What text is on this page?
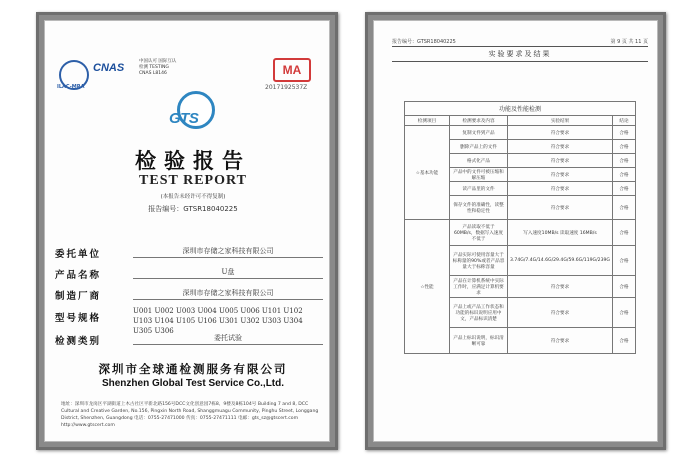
ILAC-MRA
CNAS
中国认可 国际互认 检测 TESTING CNAS L8146	MA
2017192537Z
GTS
检验报告
TEST REPORT
(本报告未经许可不得复制)
报告编号：GTSR18040225
委托单位	深圳市存储之家科技有限公司
产品名称	U盘
制造厂商	深圳市存储之家科技有限公司
型号规格
U001 U002 U003 U004 U005 U006 U101 U102 U103 U104 U105 U106 U301 U302 U303 U304 U305 U306
检测类别	委托试验
深圳市全球通检测服务有限公司
Shenzhen Global Test Service Co.,Ltd.
地址：深圳市龙岗区平湖街道上木古社区平新北路156号DCC文化创意园7栋8、9楼及8栋104号 Building 7 and 8, DCC Cultural and Creative Garden, No.156, Pingxin North Road, Shanggmuagu Community, Pinghu Street, Longgang District, Shenzhen, Guangdong 电话：0755-27471000 传真：0755-27471111 电邮：gts_sz@gtscert.com http://www.gtscert.com
报告编号：GTSR18040225	第 9 页 共 11 页
实验要求及结果
功能及性能检测			
检测项目	检测要求及内容	实验结果	结论
☆基本功能	复制文件到产品	符合要求	合格
	删除产品上的文件	符合要求	合格
	格式化产品	符合要求	合格
	产品中的文件可被压缩和解压缩	符合要求	合格
	读产品里的文件	符合要求	合格
	保存文件的准确性，读整性和稳定性	符合要求	合格
☆性能	产品读取不低于60MB/s，数据写入速度不低于	写入速度10MB/s 读取速度 16MB/s	合格
	产品实际可使用容量大于标称量的90%或者产品容量大于标称容量	3.74G/7.4G/14.6G/29.4G/59.6G/119G/239G	合格
	产品在计算机系统中实际工作时，应满足计算机要求	符合要求	合格
	产品上或产品工作状态和功能的标识说明应用中文，产品标识清楚	符合要求	合格
	产品上标识说明，标识清晰可靠	符合要求	合格
